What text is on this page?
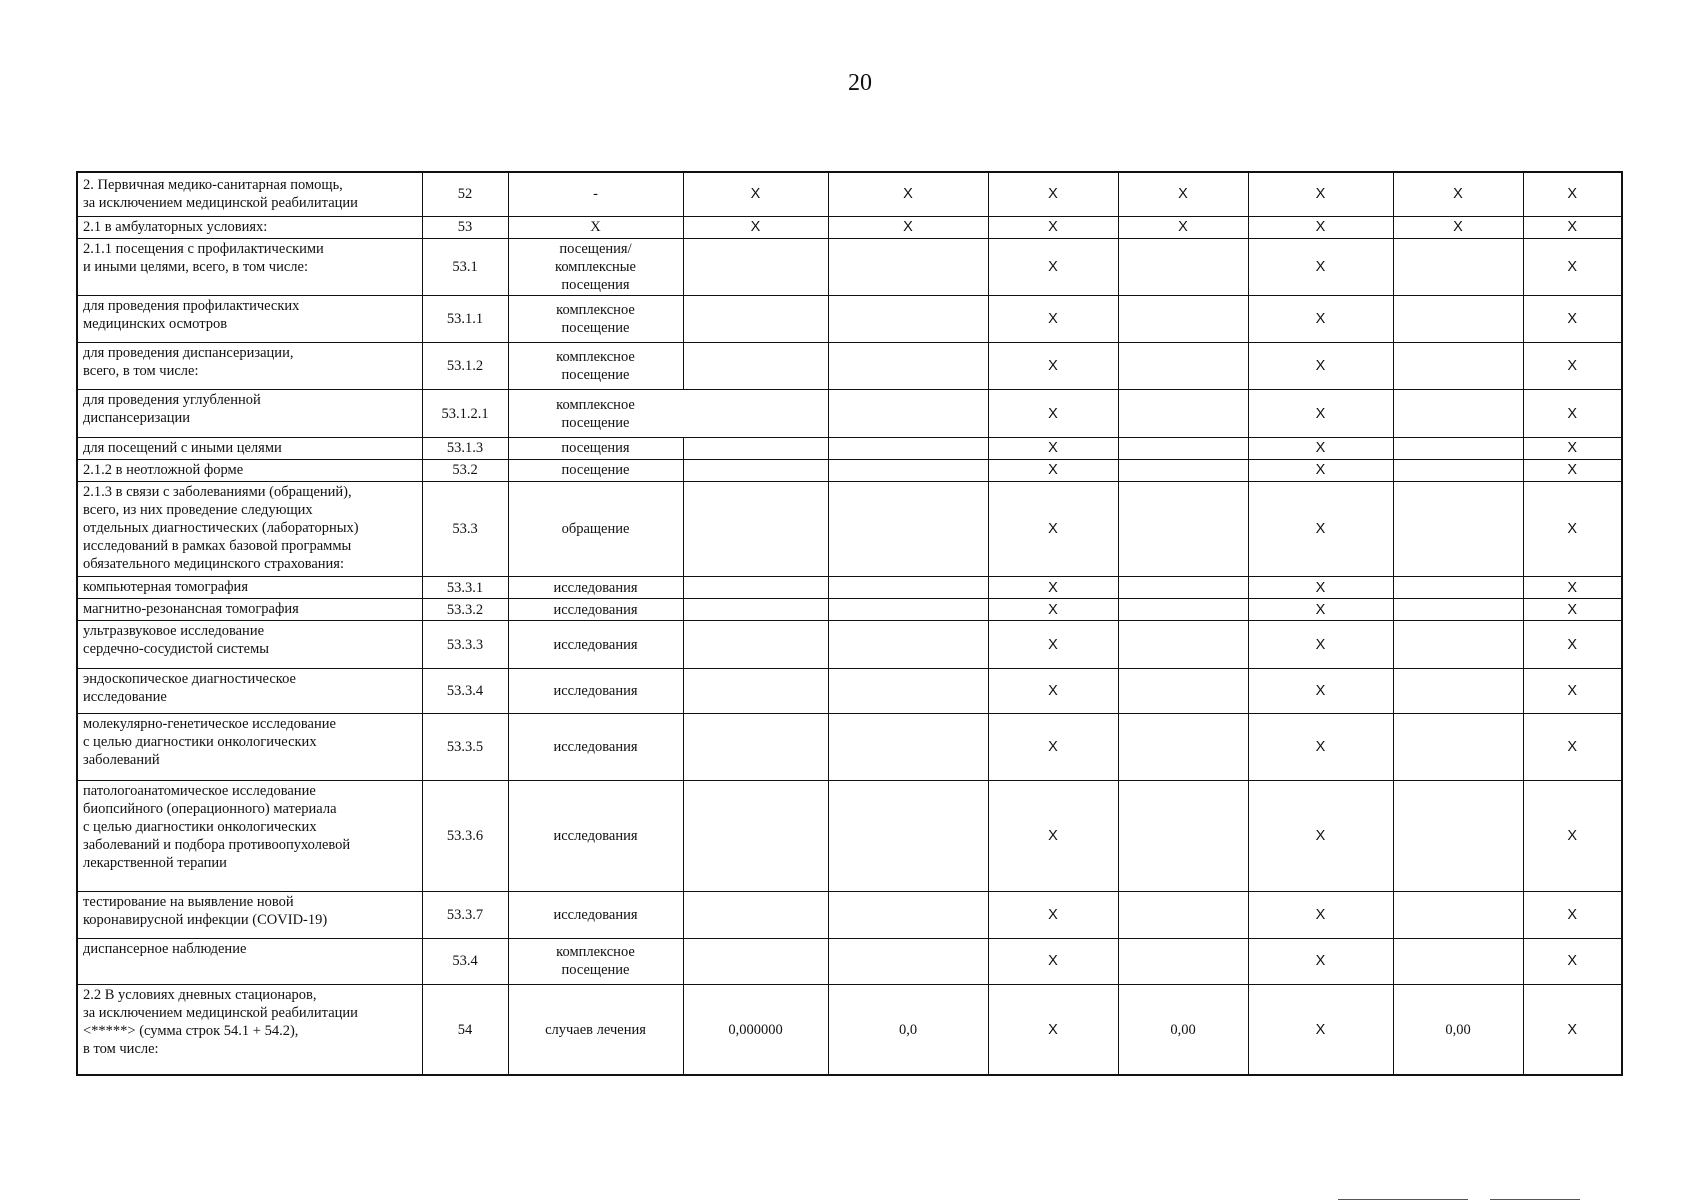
20
2. Первичная медико-санитарная помощь,
за исключением медицинской реабилитации	52	-	X	X	X	X	X	X	X
2.1 в амбулаторных условиях:	53	X	X	X	X	X	X	X	X
2.1.1 посещения с профилактическими
и иными целями, всего, в том числе:	53.1	посещения/
комплексные
посещения			X		X		X
для проведения профилактических
медицинских осмотров	53.1.1	комплексное
посещение			X		X		X
для проведения диспансеризации,
всего, в том числе:	53.1.2	комплексное
посещение			X		X		X
для проведения углубленной
диспансеризации	53.1.2.1	комплексное
посещение			X		X		X
для посещений с иными целями	53.1.3	посещения			X		X		X
2.1.2 в неотложной форме	53.2	посещение			X		X		X
2.1.3 в связи с заболеваниями (обращений),
всего, из них проведение следующих
отдельных диагностических (лабораторных)
исследований в рамках базовой программы
обязательного медицинского страхования:	53.3	обращение			X		X		X
компьютерная томография	53.3.1	исследования			X		X		X
магнитно-резонансная томография	53.3.2	исследования			X		X		X
ультразвуковое исследование
сердечно-сосудистой системы	53.3.3	исследования			X		X		X
эндоскопическое диагностическое
исследование	53.3.4	исследования			X		X		X
молекулярно-генетическое исследование
с целью диагностики онкологических
заболеваний	53.3.5	исследования			X		X		X
патологоанатомическое исследование
биопсийного (операционного) материала
с целью диагностики онкологических
заболеваний и подбора противоопухолевой
лекарственной терапии	53.3.6	исследования			X		X		X
тестирование на выявление новой
коронавирусной инфекции (COVID-19)	53.3.7	исследования			X		X		X
диспансерное наблюдение	53.4	комплексное
посещение			X		X		X
2.2 В условиях дневных стационаров,
за исключением медицинской реабилитации
<*****> (сумма строк 54.1 + 54.2),
в том числе:	54	случаев лечения	0,000000	0,0	X	0,00	X	0,00	X
